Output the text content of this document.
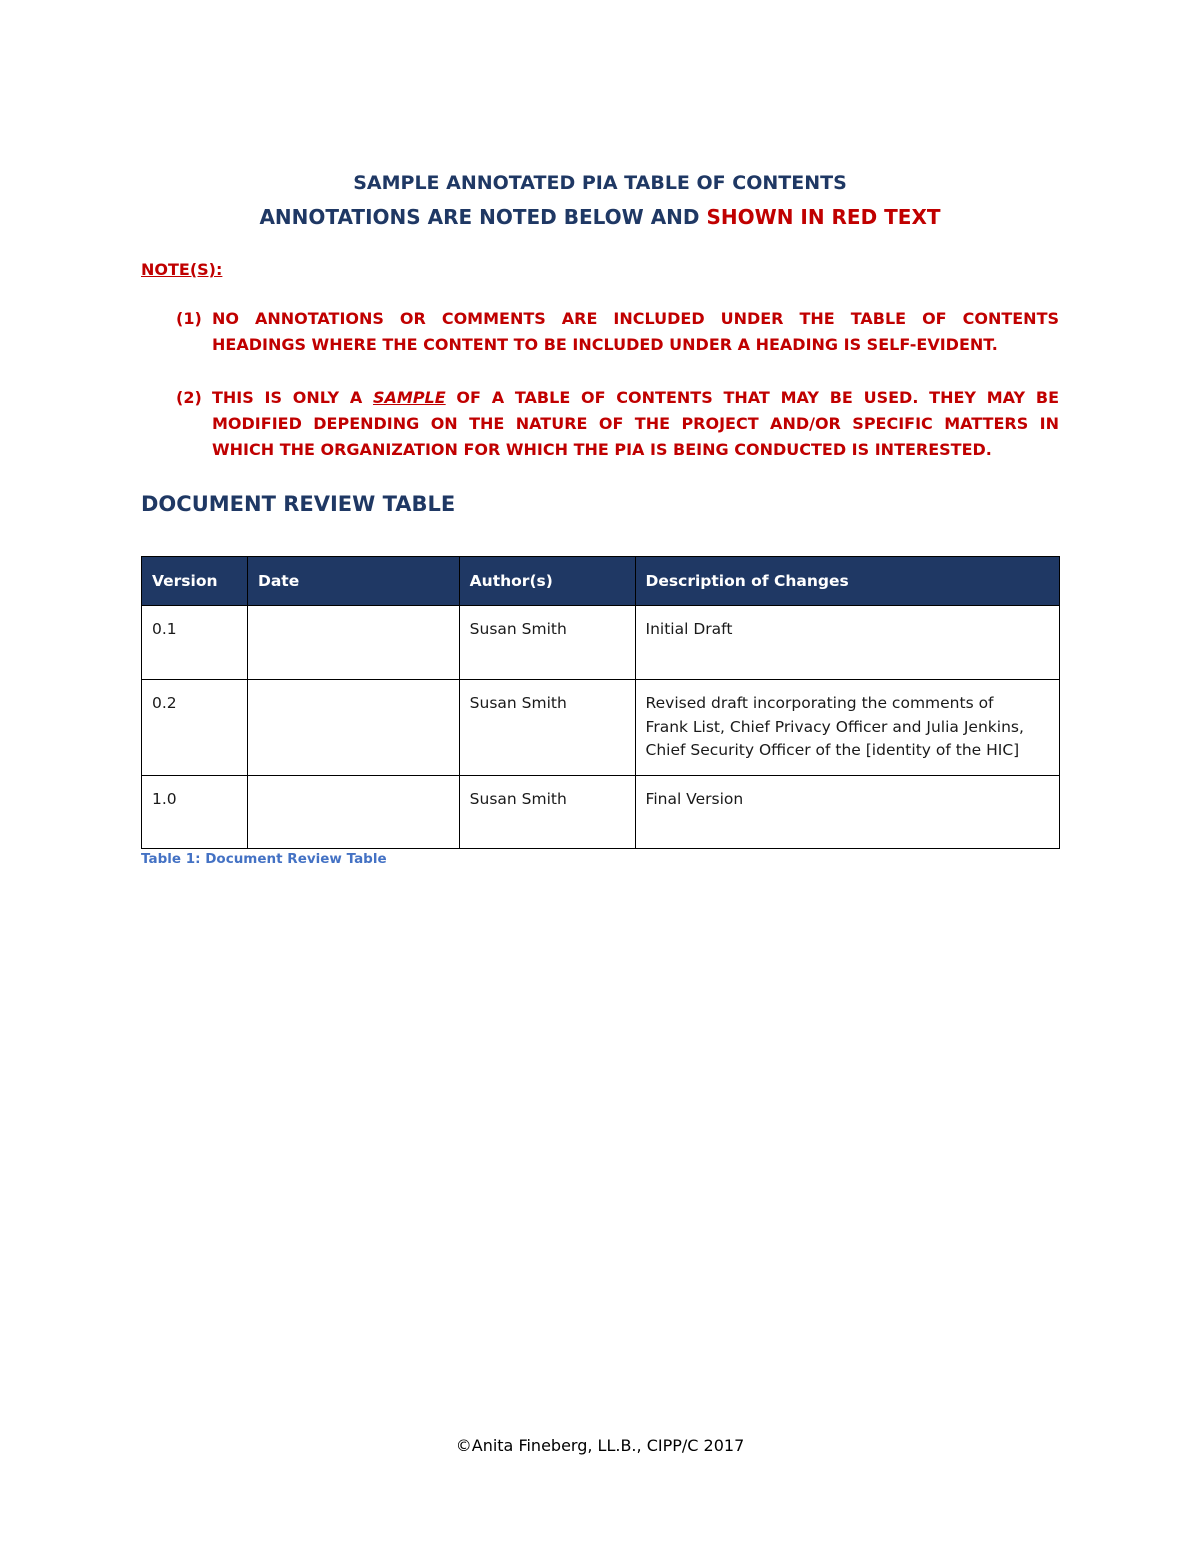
SAMPLE ANNOTATED PIA TABLE OF CONTENTS
ANNOTATIONS ARE NOTED BELOW AND SHOWN IN RED TEXT
NOTE(S):
(1) NO ANNOTATIONS OR COMMENTS ARE INCLUDED UNDER THE TABLE OF CONTENTS
HEADINGS WHERE THE CONTENT TO BE INCLUDED UNDER A HEADING IS SELF-EVIDENT.
(2) THIS IS ONLY A SAMPLE OF A TABLE OF CONTENTS THAT MAY BE USED. THEY MAY BE
MODIFIED DEPENDING ON THE NATURE OF THE PROJECT AND/OR SPECIFIC MATTERS IN
WHICH THE ORGANIZATION FOR WHICH THE PIA IS BEING CONDUCTED IS INTERESTED.
DOCUMENT REVIEW TABLE
Version	Date	Author(s)	Description of Changes
0.1		Susan Smith	Initial Draft

0.2		Susan Smith	Revised draft incorporating the comments of
Frank List, Chief Privacy Officer and Julia Jenkins,
Chief Security Officer of the [identity of the HIC]

1.0		Susan Smith	Final Version
Table 1: Document Review Table
©Anita Fineberg, LL.B., CIPP/C 2017
